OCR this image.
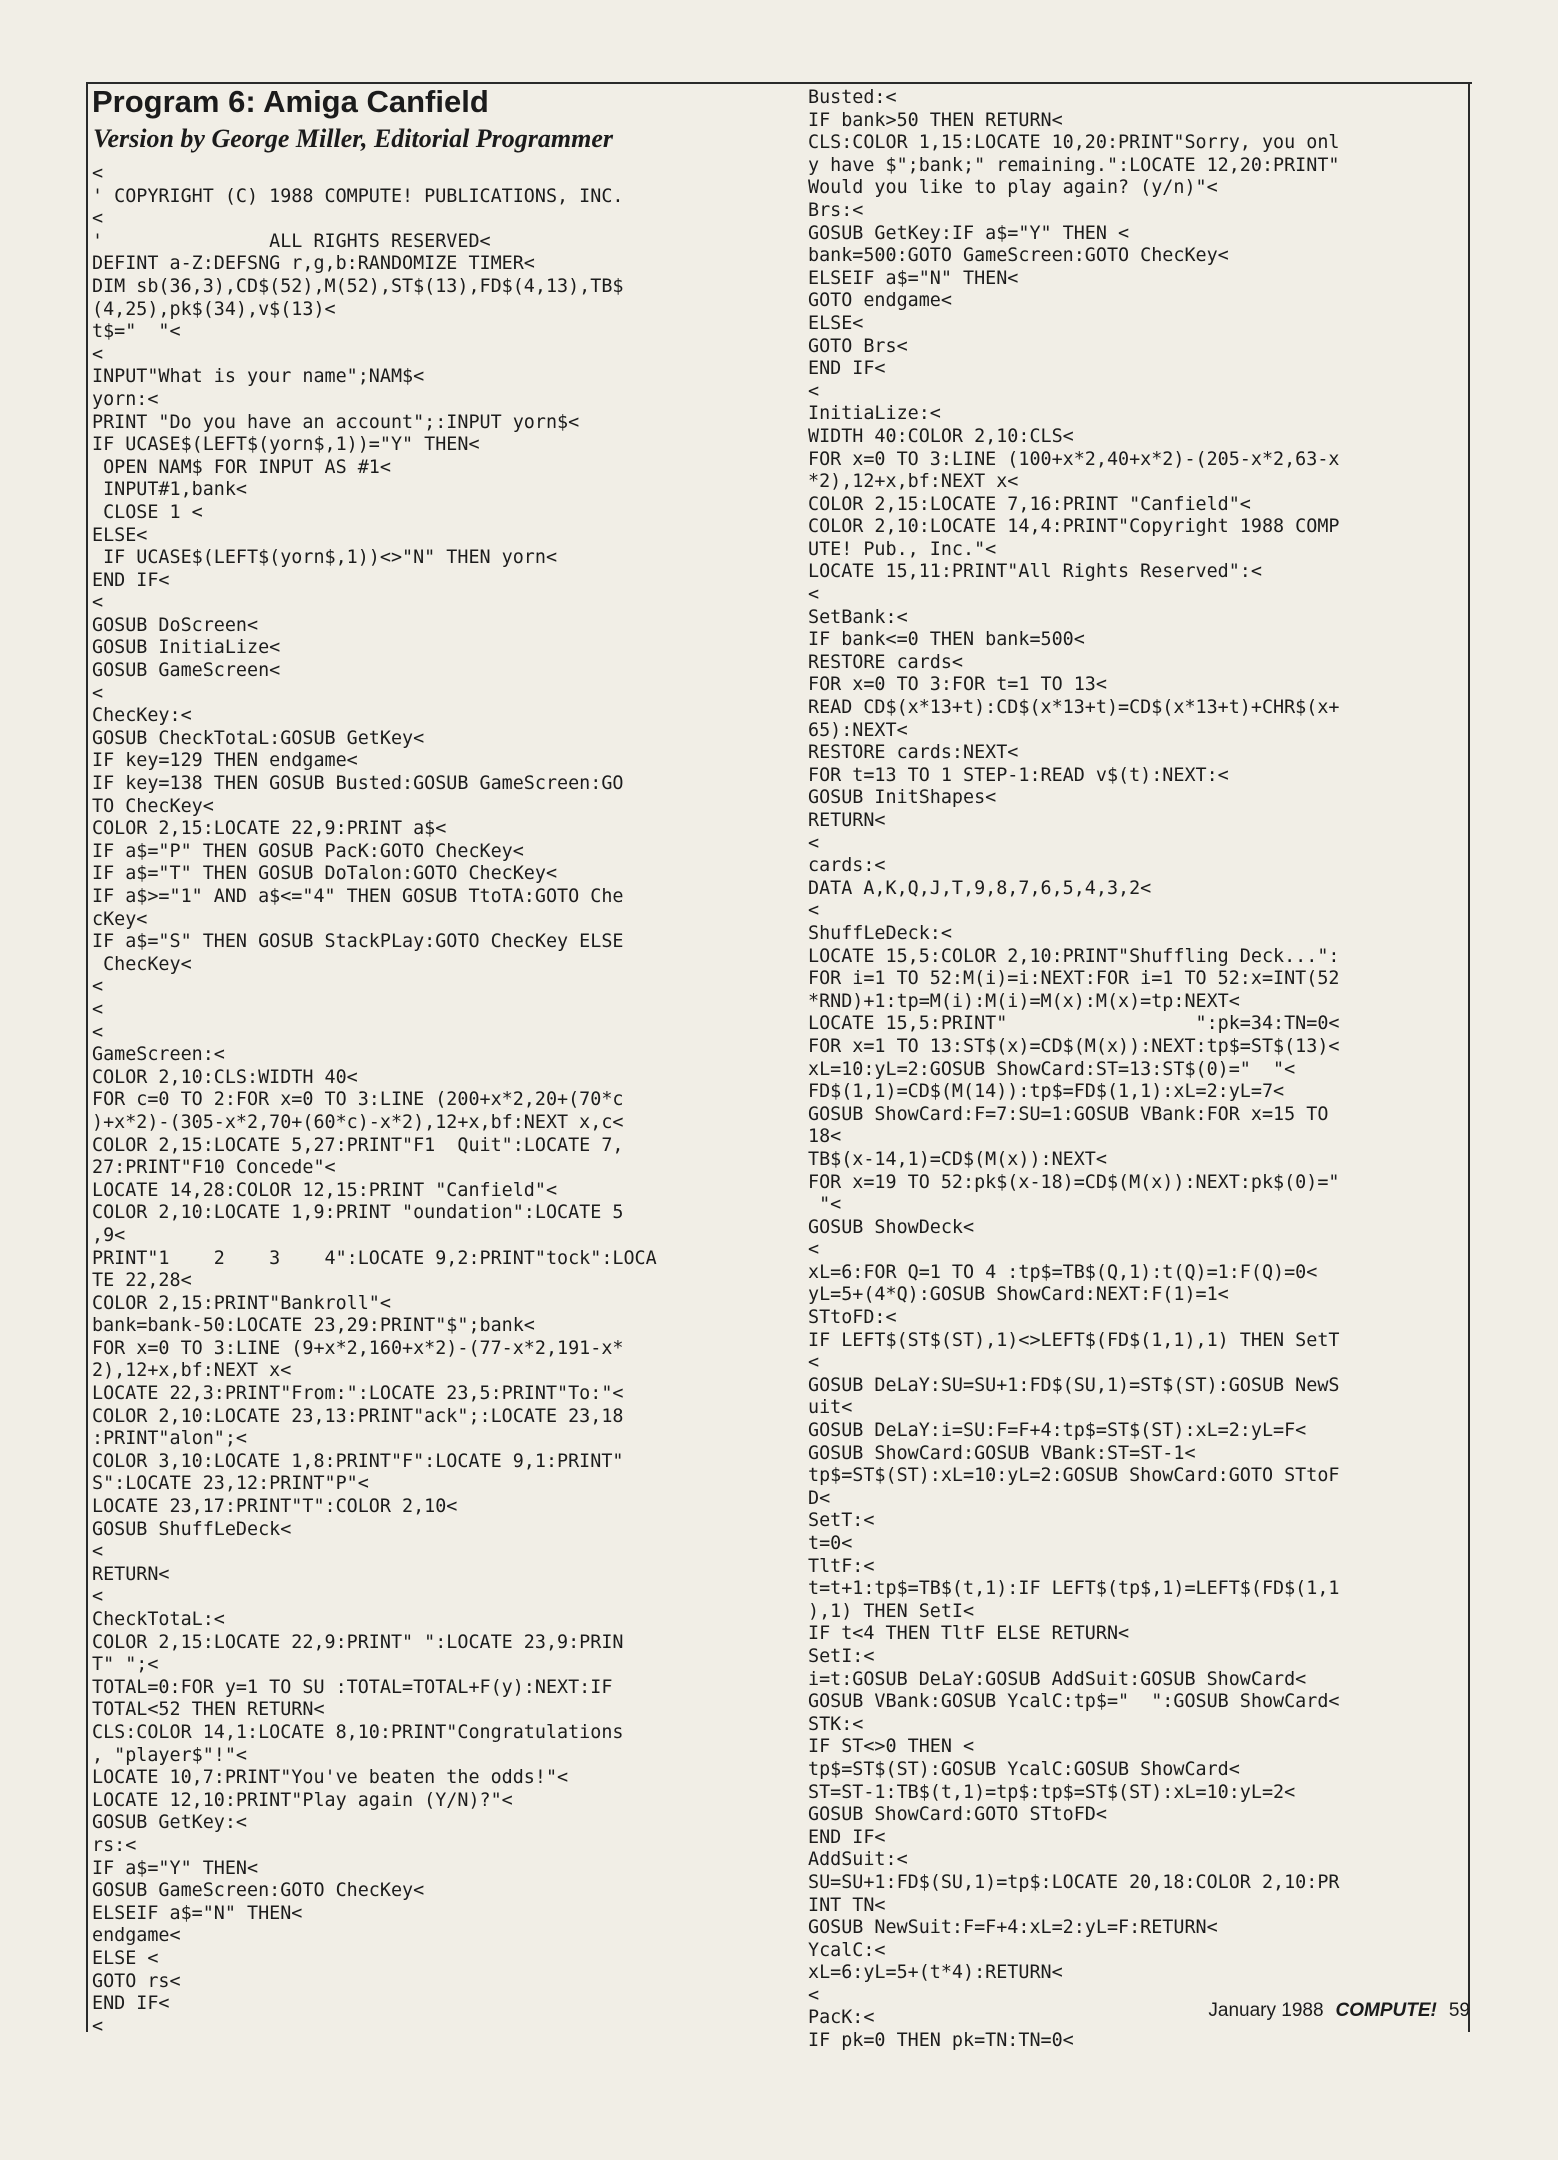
Program 6: Amiga Canfield
Version by George Miller, Editorial Programmer
<
' COPYRIGHT (C) 1988 COMPUTE! PUBLICATIONS, INC.
<
'               ALL RIGHTS RESERVED<
DEFINT a-Z:DEFSNG r,g,b:RANDOMIZE TIMER<
DIM sb(36,3),CD$(52),M(52),ST$(13),FD$(4,13),TB$
(4,25),pk$(34),v$(13)<
t$="  "<
<
INPUT"What is your name";NAM$<
yorn:<
PRINT "Do you have an account";:INPUT yorn$<
IF UCASE$(LEFT$(yorn$,1))="Y" THEN<
OPEN NAM$ FOR INPUT AS #1<
INPUT#1,bank<
CLOSE 1 <
ELSE<
IF UCASE$(LEFT$(yorn$,1))<>"N" THEN yorn<
END IF<
<
GOSUB DoScreen<
GOSUB InitiaLize<
GOSUB GameScreen<
<
ChecKey:<
GOSUB CheckTotaL:GOSUB GetKey<
IF key=129 THEN endgame<
IF key=138 THEN GOSUB Busted:GOSUB GameScreen:GO
TO ChecKey<
COLOR 2,15:LOCATE 22,9:PRINT a$<
IF a$="P" THEN GOSUB PacK:GOTO ChecKey<
IF a$="T" THEN GOSUB DoTalon:GOTO ChecKey<
IF a$>="1" AND a$<="4" THEN GOSUB TtoTA:GOTO Che
cKey<
IF a$="S" THEN GOSUB StackPLay:GOTO ChecKey ELSE
ChecKey<
<
<
<
GameScreen:<
COLOR 2,10:CLS:WIDTH 40<
FOR c=0 TO 2:FOR x=0 TO 3:LINE (200+x*2,20+(70*c
)+x*2)-(305-x*2,70+(60*c)-x*2),12+x,bf:NEXT x,c<
COLOR 2,15:LOCATE 5,27:PRINT"F1  Quit":LOCATE 7,
27:PRINT"F10 Concede"<
LOCATE 14,28:COLOR 12,15:PRINT "Canfield"<
COLOR 2,10:LOCATE 1,9:PRINT "oundation":LOCATE 5
,9<
PRINT"1    2    3    4":LOCATE 9,2:PRINT"tock":LOCA
TE 22,28<
COLOR 2,15:PRINT"Bankroll"<
bank=bank-50:LOCATE 23,29:PRINT"$";bank<
FOR x=0 TO 3:LINE (9+x*2,160+x*2)-(77-x*2,191-x*
2),12+x,bf:NEXT x<
LOCATE 22,3:PRINT"From:":LOCATE 23,5:PRINT"To:"<
COLOR 2,10:LOCATE 23,13:PRINT"ack";:LOCATE 23,18
:PRINT"alon";<
COLOR 3,10:LOCATE 1,8:PRINT"F":LOCATE 9,1:PRINT"
S":LOCATE 23,12:PRINT"P"<
LOCATE 23,17:PRINT"T":COLOR 2,10<
GOSUB ShuffLeDeck<
<
RETURN<
<
CheckTotaL:<
COLOR 2,15:LOCATE 22,9:PRINT" ":LOCATE 23,9:PRIN
T" ";<
TOTAL=0:FOR y=1 TO SU :TOTAL=TOTAL+F(y):NEXT:IF
TOTAL<52 THEN RETURN<
CLS:COLOR 14,1:LOCATE 8,10:PRINT"Congratulations
, "player$"!"<
LOCATE 10,7:PRINT"You've beaten the odds!"<
LOCATE 12,10:PRINT"Play again (Y/N)?"<
GOSUB GetKey:<
rs:<
IF a$="Y" THEN<
GOSUB GameScreen:GOTO ChecKey<
ELSEIF a$="N" THEN<
endgame<
ELSE <
GOTO rs<
END IF<
<
Busted:<
IF bank>50 THEN RETURN<
CLS:COLOR 1,15:LOCATE 10,20:PRINT"Sorry, you onl
y have $";bank;" remaining.":LOCATE 12,20:PRINT"
Would you like to play again? (y/n)"<
Brs:<
GOSUB GetKey:IF a$="Y" THEN <
bank=500:GOTO GameScreen:GOTO ChecKey<
ELSEIF a$="N" THEN<
GOTO endgame<
ELSE<
GOTO Brs<
END IF<
<
InitiaLize:<
WIDTH 40:COLOR 2,10:CLS<
FOR x=0 TO 3:LINE (100+x*2,40+x*2)-(205-x*2,63-x
*2),12+x,bf:NEXT x<
COLOR 2,15:LOCATE 7,16:PRINT "Canfield"<
COLOR 2,10:LOCATE 14,4:PRINT"Copyright 1988 COMP
UTE! Pub., Inc."<
LOCATE 15,11:PRINT"All Rights Reserved":<
<
SetBank:<
IF bank<=0 THEN bank=500<
RESTORE cards<
FOR x=0 TO 3:FOR t=1 TO 13<
READ CD$(x*13+t):CD$(x*13+t)=CD$(x*13+t)+CHR$(x+
65):NEXT<
RESTORE cards:NEXT<
FOR t=13 TO 1 STEP-1:READ v$(t):NEXT:<
GOSUB InitShapes<
RETURN<
<
cards:<
DATA A,K,Q,J,T,9,8,7,6,5,4,3,2<
<
ShuffLeDeck:<
LOCATE 15,5:COLOR 2,10:PRINT"Shuffling Deck...":
FOR i=1 TO 52:M(i)=i:NEXT:FOR i=1 TO 52:x=INT(52
*RND)+1:tp=M(i):M(i)=M(x):M(x)=tp:NEXT<
LOCATE 15,5:PRINT"                 ":pk=34:TN=0<
FOR x=1 TO 13:ST$(x)=CD$(M(x)):NEXT:tp$=ST$(13)<
xL=10:yL=2:GOSUB ShowCard:ST=13:ST$(0)="  "<
FD$(1,1)=CD$(M(14)):tp$=FD$(1,1):xL=2:yL=7<
GOSUB ShowCard:F=7:SU=1:GOSUB VBank:FOR x=15 TO
18<
TB$(x-14,1)=CD$(M(x)):NEXT<
FOR x=19 TO 52:pk$(x-18)=CD$(M(x)):NEXT:pk$(0)="
"<
GOSUB ShowDeck<
<
xL=6:FOR Q=1 TO 4 :tp$=TB$(Q,1):t(Q)=1:F(Q)=0<
yL=5+(4*Q):GOSUB ShowCard:NEXT:F(1)=1<
STtoFD:<
IF LEFT$(ST$(ST),1)<>LEFT$(FD$(1,1),1) THEN SetT
<
GOSUB DeLaY:SU=SU+1:FD$(SU,1)=ST$(ST):GOSUB NewS
uit<
GOSUB DeLaY:i=SU:F=F+4:tp$=ST$(ST):xL=2:yL=F<
GOSUB ShowCard:GOSUB VBank:ST=ST-1<
tp$=ST$(ST):xL=10:yL=2:GOSUB ShowCard:GOTO STtoF
D<
SetT:<
t=0<
TltF:<
t=t+1:tp$=TB$(t,1):IF LEFT$(tp$,1)=LEFT$(FD$(1,1
),1) THEN SetI<
IF t<4 THEN TltF ELSE RETURN<
SetI:<
i=t:GOSUB DeLaY:GOSUB AddSuit:GOSUB ShowCard<
GOSUB VBank:GOSUB YcalC:tp$="  ":GOSUB ShowCard<
STK:<
IF ST<>0 THEN <
tp$=ST$(ST):GOSUB YcalC:GOSUB ShowCard<
ST=ST-1:TB$(t,1)=tp$:tp$=ST$(ST):xL=10:yL=2<
GOSUB ShowCard:GOTO STtoFD<
END IF<
AddSuit:<
SU=SU+1:FD$(SU,1)=tp$:LOCATE 20,18:COLOR 2,10:PR
INT TN<
GOSUB NewSuit:F=F+4:xL=2:yL=F:RETURN<
YcalC:<
xL=6:yL=5+(t*4):RETURN<
<
PacK:<
IF pk=0 THEN pk=TN:TN=0<
January 1988 COMPUTE! 59
